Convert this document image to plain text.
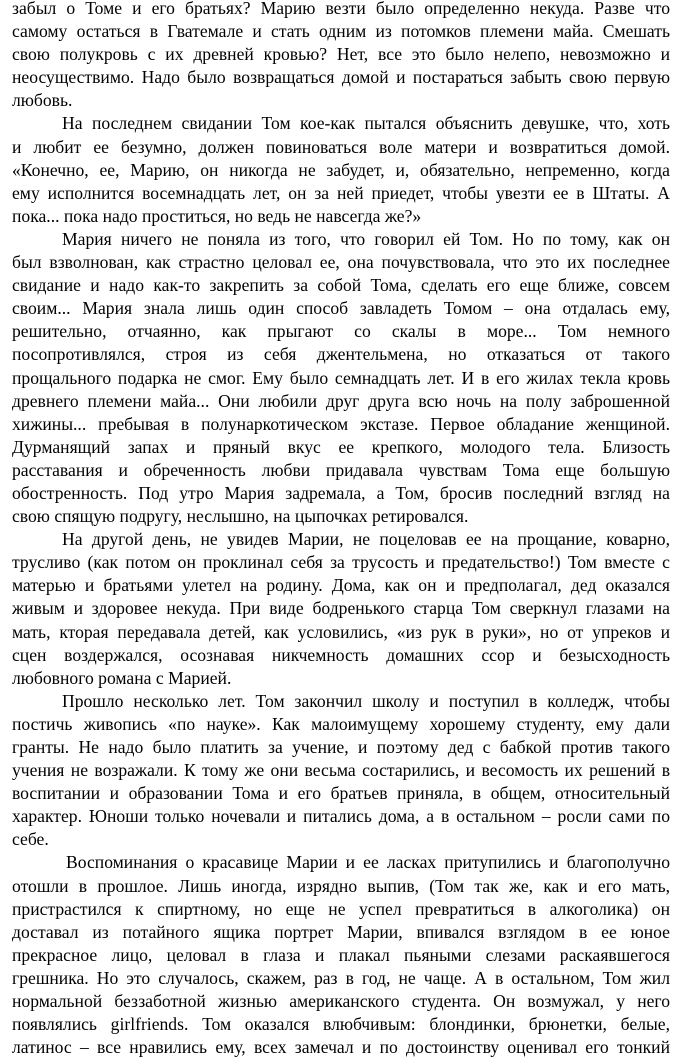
забыл о Томе и его братьях? Марию везти было определенно некуда. Разве что
самому остаться в Гватемале и стать одним из потомков племени майа. Смешать
свою полукровь с их древней кровью? Нет, все это было нелепо, невозможно и
неосуществимо. Надо было возвращаться домой и постараться забыть свою первую
любовь.
На последнем свидании Том кое-как пытался объяснить девушке, что, хоть
и любит ее безумно, должен повиноваться воле матери и возвратиться домой.
«Конечно, ее, Марию, он никогда не забудет, и, обязательно, непременно, когда
ему исполнится восемнадцать лет, он за ней приедет, чтобы увезти ее в Штаты. А
пока... пока надо проститься, но ведь не навсегда же?»
Мария ничего не поняла из того, что говорил ей Том. Но по тому, как он
был взволнован, как страстно целовал ее, она почувствовала, что это их последнее
свидание и надо как-то закрепить за собой Тома, сделать его еще ближе, совсем
своим... Мария знала лишь один способ завладеть Томом – она отдалась ему,
решительно, отчаянно, как прыгают со скалы в море... Том немного
посопротивлялся, строя из себя джентельмена, но отказаться от такого
прощального подарка не смог. Ему было семнадцать лет. И в его жилах текла кровь
древнего племени майа... Они любили друг друга всю ночь на полу заброшенной
хижины... пребывая в полунаркотическом экстазе. Первое обладание женщиной.
Дурманящий запах и пряный вкус ее крепкого, молодого тела. Близость
расставания и обреченность любви придавала чувствам Тома еще большую
обостренность. Под утро Мария задремала, а Том, бросив последний взгляд на
свою спящую подругу, неслышно, на цыпочках ретировался.
На другой день, не увидев Марии, не поцеловав ее на прощание, коварно,
трусливо (как потом он проклинал себя за трусость и предательство!) Том вместе с
матерью и братьями улетел на родину. Дома, как он и предполагал, дед оказался
живым и здоровее некуда. При виде бодренького старца Том сверкнул глазами на
мать, ктоpая передавала детей, как условились, «из рук в руки», но от упреков и
сцен воздержался, осознавая никчемность домашних ссор и безысходность
любовного романа с Марией.
Прошло несколько лет. Том закончил школу и поступил в колледж, чтобы
постичь живопись «по науке». Как малоимущему хорошему студенту, ему дали
гранты. Не надо было платить за учение, и поэтому дед с бабкой против такого
учения не возражали. К тому же они весьма состарились, и весомость их решений в
воспитании и образовании Тома и его братьев приняла, в общем, относительный
характер. Юноши только ночевали и питались дома, а в остальном – росли сами по
себе.
Воспоминания о красавице Марии и ее ласках притупились и благополучно
отошли в прошлое. Лишь иногда, изрядно выпив, (Том так же, как и его мать,
пристрастился к спиртному, но еще не успел превратиться в алкоголика) он
доставал из потайного ящика портрет Марии, впивался взглядом в ее юное
прекрасное лицо, целовал в глаза и плакал пьяными слезами раскаявшегося
грешника. Но это случалось, скажем, раз в год, не чаще. А в остальном, Том жил
нормальной беззаботной жизнью американского студента. Он возмужал, у него
появлялись girlfriends. Том оказался влюбчивым: блондинки, брюнетки, белые,
латинос – все нравились ему, всех замечал и по достоинству оценивал его тонкий
